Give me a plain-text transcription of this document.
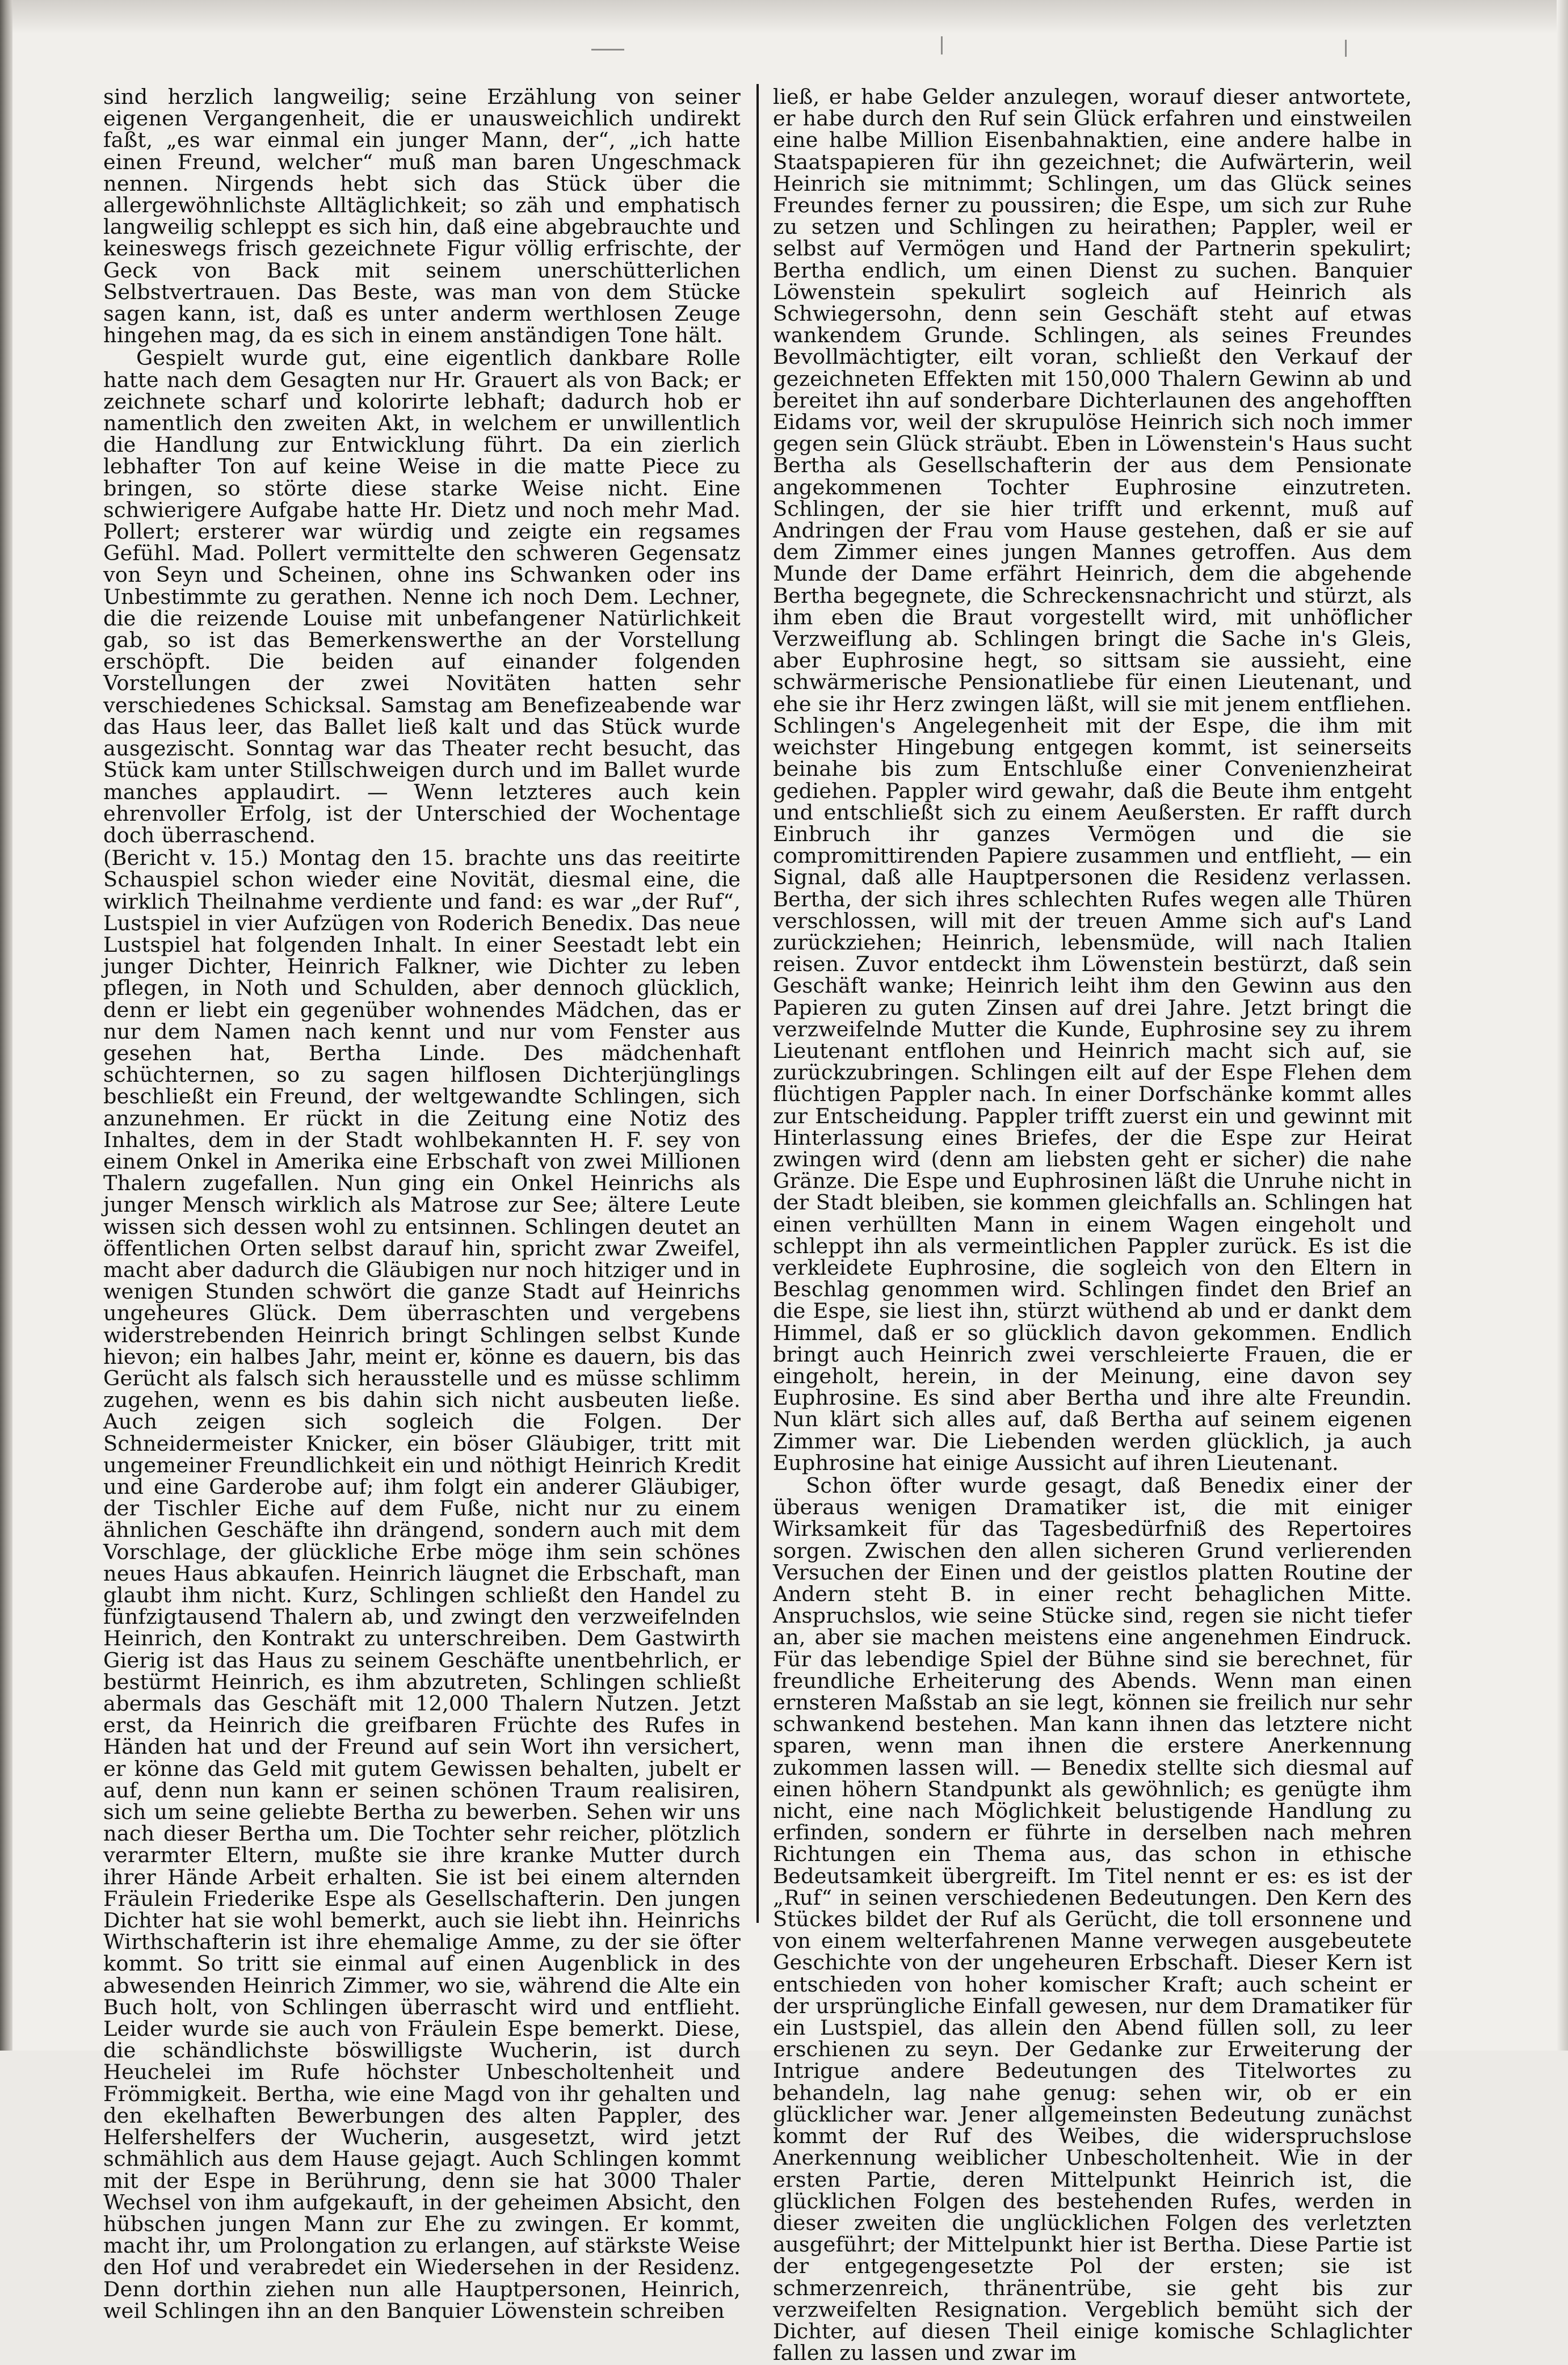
sind herzlich langweilig; seine Erzählung von seiner eigenen Vergangenheit, die er unausweichlich undirekt faßt, „es war einmal ein junger Mann, der“, „ich hatte einen Freund, welcher“ muß man baren Ungeschmack nennen. Nirgends hebt sich das Stück über die allergewöhnlichste Alltäglichkeit; so zäh und emphatisch langweilig schleppt es sich hin, daß eine abgebrauchte und keineswegs frisch gezeichnete Figur völlig erfrischte, der Geck von Back mit seinem unerschütterlichen Selbstvertrauen. Das Beste, was man von dem Stücke sagen kann, ist, daß es unter anderm werthlosen Zeuge hingehen mag, da es sich in einem anständigen Tone hält.

Gespielt wurde gut, eine eigentlich dankbare Rolle hatte nach dem Gesagten nur Hr. Grauert als von Back; er zeichnete scharf und kolorirte lebhaft; dadurch hob er namentlich den zweiten Akt, in welchem er unwillentlich die Handlung zur Entwicklung führt. Da ein zierlich lebhafter Ton auf keine Weise in die matte Piece zu bringen, so störte diese starke Weise nicht. Eine schwierigere Aufgabe hatte Hr. Dietz und noch mehr Mad. Pollert; ersterer war würdig und zeigte ein regsames Gefühl. Mad. Pollert vermittelte den schweren Gegensatz von Seyn und Scheinen, ohne ins Schwanken oder ins Unbestimmte zu gerathen. Nenne ich noch Dem. Lechner, die die reizende Louise mit unbefangener Natürlichkeit gab, so ist das Bemerkenswerthe an der Vorstellung erschöpft. Die beiden auf einander folgenden Vorstellungen der zwei Novitäten hatten sehr verschiedenes Schicksal. Samstag am Benefizeabende war das Haus leer, das Ballet ließ kalt und das Stück wurde ausgezischt. Sonntag war das Theater recht besucht, das Stück kam unter Stillschweigen durch und im Ballet wurde manches applaudirt. — Wenn letzteres auch kein ehrenvoller Erfolg, ist der Unterschied der Wochentage doch überraschend.

(Bericht v. 15.) Montag den 15. brachte uns das reeitirte Schauspiel schon wieder eine Novität, diesmal eine, die wirklich Theilnahme verdiente und fand: es war „der Ruf“, Lustspiel in vier Aufzügen von Roderich Benedix. Das neue Lustspiel hat folgenden Inhalt. In einer Seestadt lebt ein junger Dichter, Heinrich Falkner, wie Dichter zu leben pflegen, in Noth und Schulden, aber dennoch glücklich, denn er liebt ein gegenüber wohnendes Mädchen, das er nur dem Namen nach kennt und nur vom Fenster aus gesehen hat, Bertha Linde. Des mädchenhaft schüchternen, so zu sagen hilflosen Dichterjünglings beschließt ein Freund, der weltgewandte Schlingen, sich anzunehmen. Er rückt in die Zeitung eine Notiz des Inhaltes, dem in der Stadt wohlbekannten H. F. sey von einem Onkel in Amerika eine Erbschaft von zwei Millionen Thalern zugefallen. Nun ging ein Onkel Heinrichs als junger Mensch wirklich als Matrose zur See; ältere Leute wissen sich dessen wohl zu entsinnen. Schlingen deutet an öffentlichen Orten selbst darauf hin, spricht zwar Zweifel, macht aber dadurch die Gläubigen nur noch hitziger und in wenigen Stunden schwört die ganze Stadt auf Heinrichs ungeheures Glück. Dem überraschten und vergebens widerstrebenden Heinrich bringt Schlingen selbst Kunde hievon; ein halbes Jahr, meint er, könne es dauern, bis das Gerücht als falsch sich herausstelle und es müsse schlimm zugehen, wenn es bis dahin sich nicht ausbeuten ließe. Auch zeigen sich sogleich die Folgen. Der Schneidermeister Knicker, ein böser Gläubiger, tritt mit ungemeiner Freundlichkeit ein und nöthigt Heinrich Kredit und eine Garderobe auf; ihm folgt ein anderer Gläubiger, der Tischler Eiche auf dem Fuße, nicht nur zu einem ähnlichen Geschäfte ihn drängend, sondern auch mit dem Vorschlage, der glückliche Erbe möge ihm sein schönes neues Haus abkaufen. Heinrich läugnet die Erbschaft, man glaubt ihm nicht. Kurz, Schlingen schließt den Handel zu fünfzigtausend Thalern ab, und zwingt den verzweifelnden Heinrich, den Kontrakt zu unterschreiben. Dem Gastwirth Gierig ist das Haus zu seinem Geschäfte unentbehrlich, er bestürmt Heinrich, es ihm abzutreten, Schlingen schließt abermals das Geschäft mit 12,000 Thalern Nutzen. Jetzt erst, da Heinrich die greifbaren Früchte des Rufes in Händen hat und der Freund auf sein Wort ihn versichert, er könne das Geld mit gutem Gewissen behalten, jubelt er auf, denn nun kann er seinen schönen Traum realisiren, sich um seine geliebte Bertha zu bewerben. Sehen wir uns nach dieser Bertha um. Die Tochter sehr reicher, plötzlich verarmter Eltern, mußte sie ihre kranke Mutter durch ihrer Hände Arbeit erhalten. Sie ist bei einem alternden Fräulein Friederike Espe als Gesellschafterin. Den jungen Dichter hat sie wohl bemerkt, auch sie liebt ihn. Heinrichs Wirthschafterin ist ihre ehemalige Amme, zu der sie öfter kommt. So tritt sie einmal auf einen Augenblick in des abwesenden Heinrich Zimmer, wo sie, während die Alte ein Buch holt, von Schlingen überrascht wird und entflieht. Leider wurde sie auch von Fräulein Espe bemerkt. Diese, die schändlichste böswilligste Wucherin, ist durch Heuchelei im Rufe höchster Unbescholtenheit und Frömmigkeit. Bertha, wie eine Magd von ihr gehalten und den ekelhaften Bewerbungen des alten Pappler, des Helfershelfers der Wucherin, ausgesetzt, wird jetzt schmählich aus dem Hause gejagt. Auch Schlingen kommt mit der Espe in Berührung, denn sie hat 3000 Thaler Wechsel von ihm aufgekauft, in der geheimen Absicht, den hübschen jungen Mann zur Ehe zu zwingen. Er kommt, macht ihr, um Prolongation zu erlangen, auf stärkste Weise den Hof und verabredet ein Wiedersehen in der Residenz. Denn dorthin ziehen nun alle Hauptpersonen, Heinrich, weil Schlingen ihn an den Banquier Löwenstein schreiben

ließ, er habe Gelder anzulegen, worauf dieser antwortete, er habe durch den Ruf sein Glück erfahren und einstweilen eine halbe Million Eisenbahnaktien, eine andere halbe in Staatspapieren für ihn gezeichnet; die Aufwärterin, weil Heinrich sie mitnimmt; Schlingen, um das Glück seines Freundes ferner zu poussiren; die Espe, um sich zur Ruhe zu setzen und Schlingen zu heirathen; Pappler, weil er selbst auf Vermögen und Hand der Partnerin spekulirt; Bertha endlich, um einen Dienst zu suchen. Banquier Löwenstein spekulirt sogleich auf Heinrich als Schwiegersohn, denn sein Geschäft steht auf etwas wankendem Grunde. Schlingen, als seines Freundes Bevollmächtigter, eilt voran, schließt den Verkauf der gezeichneten Effekten mit 150,000 Thalern Gewinn ab und bereitet ihn auf sonderbare Dichterlaunen des angehofften Eidams vor, weil der skrupulöse Heinrich sich noch immer gegen sein Glück sträubt. Eben in Löwenstein's Haus sucht Bertha als Gesellschafterin der aus dem Pensionate angekommenen Tochter Euphrosine einzutreten. Schlingen, der sie hier trifft und erkennt, muß auf Andringen der Frau vom Hause gestehen, daß er sie auf dem Zimmer eines jungen Mannes getroffen. Aus dem Munde der Dame erfährt Heinrich, dem die abgehende Bertha begegnete, die Schreckensnachricht und stürzt, als ihm eben die Braut vorgestellt wird, mit unhöflicher Verzweiflung ab. Schlingen bringt die Sache in's Gleis, aber Euphrosine hegt, so sittsam sie aussieht, eine schwärmerische Pensionatliebe für einen Lieutenant, und ehe sie ihr Herz zwingen läßt, will sie mit jenem entfliehen. Schlingen's Angelegenheit mit der Espe, die ihm mit weichster Hingebung entgegen kommt, ist seinerseits beinahe bis zum Entschluße einer Convenienzheirat gediehen. Pappler wird gewahr, daß die Beute ihm entgeht und entschließt sich zu einem Aeußersten. Er rafft durch Einbruch ihr ganzes Vermögen und die sie compromittirenden Papiere zusammen und entflieht, — ein Signal, daß alle Hauptpersonen die Residenz verlassen. Bertha, der sich ihres schlechten Rufes wegen alle Thüren verschlossen, will mit der treuen Amme sich auf's Land zurückziehen; Heinrich, lebensmüde, will nach Italien reisen. Zuvor entdeckt ihm Löwenstein bestürzt, daß sein Geschäft wanke; Heinrich leiht ihm den Gewinn aus den Papieren zu guten Zinsen auf drei Jahre. Jetzt bringt die verzweifelnde Mutter die Kunde, Euphrosine sey zu ihrem Lieutenant entflohen und Heinrich macht sich auf, sie zurückzubringen. Schlingen eilt auf der Espe Flehen dem flüchtigen Pappler nach. In einer Dorfschänke kommt alles zur Entscheidung. Pappler trifft zuerst ein und gewinnt mit Hinterlassung eines Briefes, der die Espe zur Heirat zwingen wird (denn am liebsten geht er sicher) die nahe Gränze. Die Espe und Euphrosinen läßt die Unruhe nicht in der Stadt bleiben, sie kommen gleichfalls an. Schlingen hat einen verhüllten Mann in einem Wagen eingeholt und schleppt ihn als vermeintlichen Pappler zurück. Es ist die verkleidete Euphrosine, die sogleich von den Eltern in Beschlag genommen wird. Schlingen findet den Brief an die Espe, sie liest ihn, stürzt wüthend ab und er dankt dem Himmel, daß er so glücklich davon gekommen. Endlich bringt auch Heinrich zwei verschleierte Frauen, die er eingeholt, herein, in der Meinung, eine davon sey Euphrosine. Es sind aber Bertha und ihre alte Freundin. Nun klärt sich alles auf, daß Bertha auf seinem eigenen Zimmer war. Die Liebenden werden glücklich, ja auch Euphrosine hat einige Aussicht auf ihren Lieutenant.

Schon öfter wurde gesagt, daß Benedix einer der überaus wenigen Dramatiker ist, die mit einiger Wirksamkeit für das Tagesbedürfniß des Repertoires sorgen. Zwischen den allen sicheren Grund verlierenden Versuchen der Einen und der geistlos platten Routine der Andern steht B. in einer recht behaglichen Mitte. Anspruchslos, wie seine Stücke sind, regen sie nicht tiefer an, aber sie machen meistens eine angenehmen Eindruck. Für das lebendige Spiel der Bühne sind sie berechnet, für freundliche Erheiterung des Abends. Wenn man einen ernsteren Maßstab an sie legt, können sie freilich nur sehr schwankend bestehen. Man kann ihnen das letztere nicht sparen, wenn man ihnen die erstere Anerkennung zukommen lassen will. — Benedix stellte sich diesmal auf einen höhern Standpunkt als gewöhnlich; es genügte ihm nicht, eine nach Möglichkeit belustigende Handlung zu erfinden, sondern er führte in derselben nach mehren Richtungen ein Thema aus, das schon in ethische Bedeutsamkeit übergreift. Im Titel nennt er es: es ist der „Ruf“ in seinen verschiedenen Bedeutungen. Den Kern des Stückes bildet der Ruf als Gerücht, die toll ersonnene und von einem welterfahrenen Manne verwegen ausgebeutete Geschichte von der ungeheuren Erbschaft. Dieser Kern ist entschieden von hoher komischer Kraft; auch scheint er der ursprüngliche Einfall gewesen, nur dem Dramatiker für ein Lustspiel, das allein den Abend füllen soll, zu leer erschienen zu seyn. Der Gedanke zur Erweiterung der Intrigue andere Bedeutungen des Titelwortes zu behandeln, lag nahe genug: sehen wir, ob er ein glücklicher war. Jener allgemeinsten Bedeutung zunächst kommt der Ruf des Weibes, die widerspruchslose Anerkennung weiblicher Unbescholtenheit. Wie in der ersten Partie, deren Mittelpunkt Heinrich ist, die glücklichen Folgen des bestehenden Rufes, werden in dieser zweiten die unglücklichen Folgen des verletzten ausgeführt; der Mittelpunkt hier ist Bertha. Diese Partie ist der entgegengesetzte Pol der ersten; sie ist schmerzenreich, thränentrübe, sie geht bis zur verzweifelten Resignation. Vergeblich bemüht sich der Dichter, auf diesen Theil einige komische Schlaglichter fallen zu lassen und zwar im
